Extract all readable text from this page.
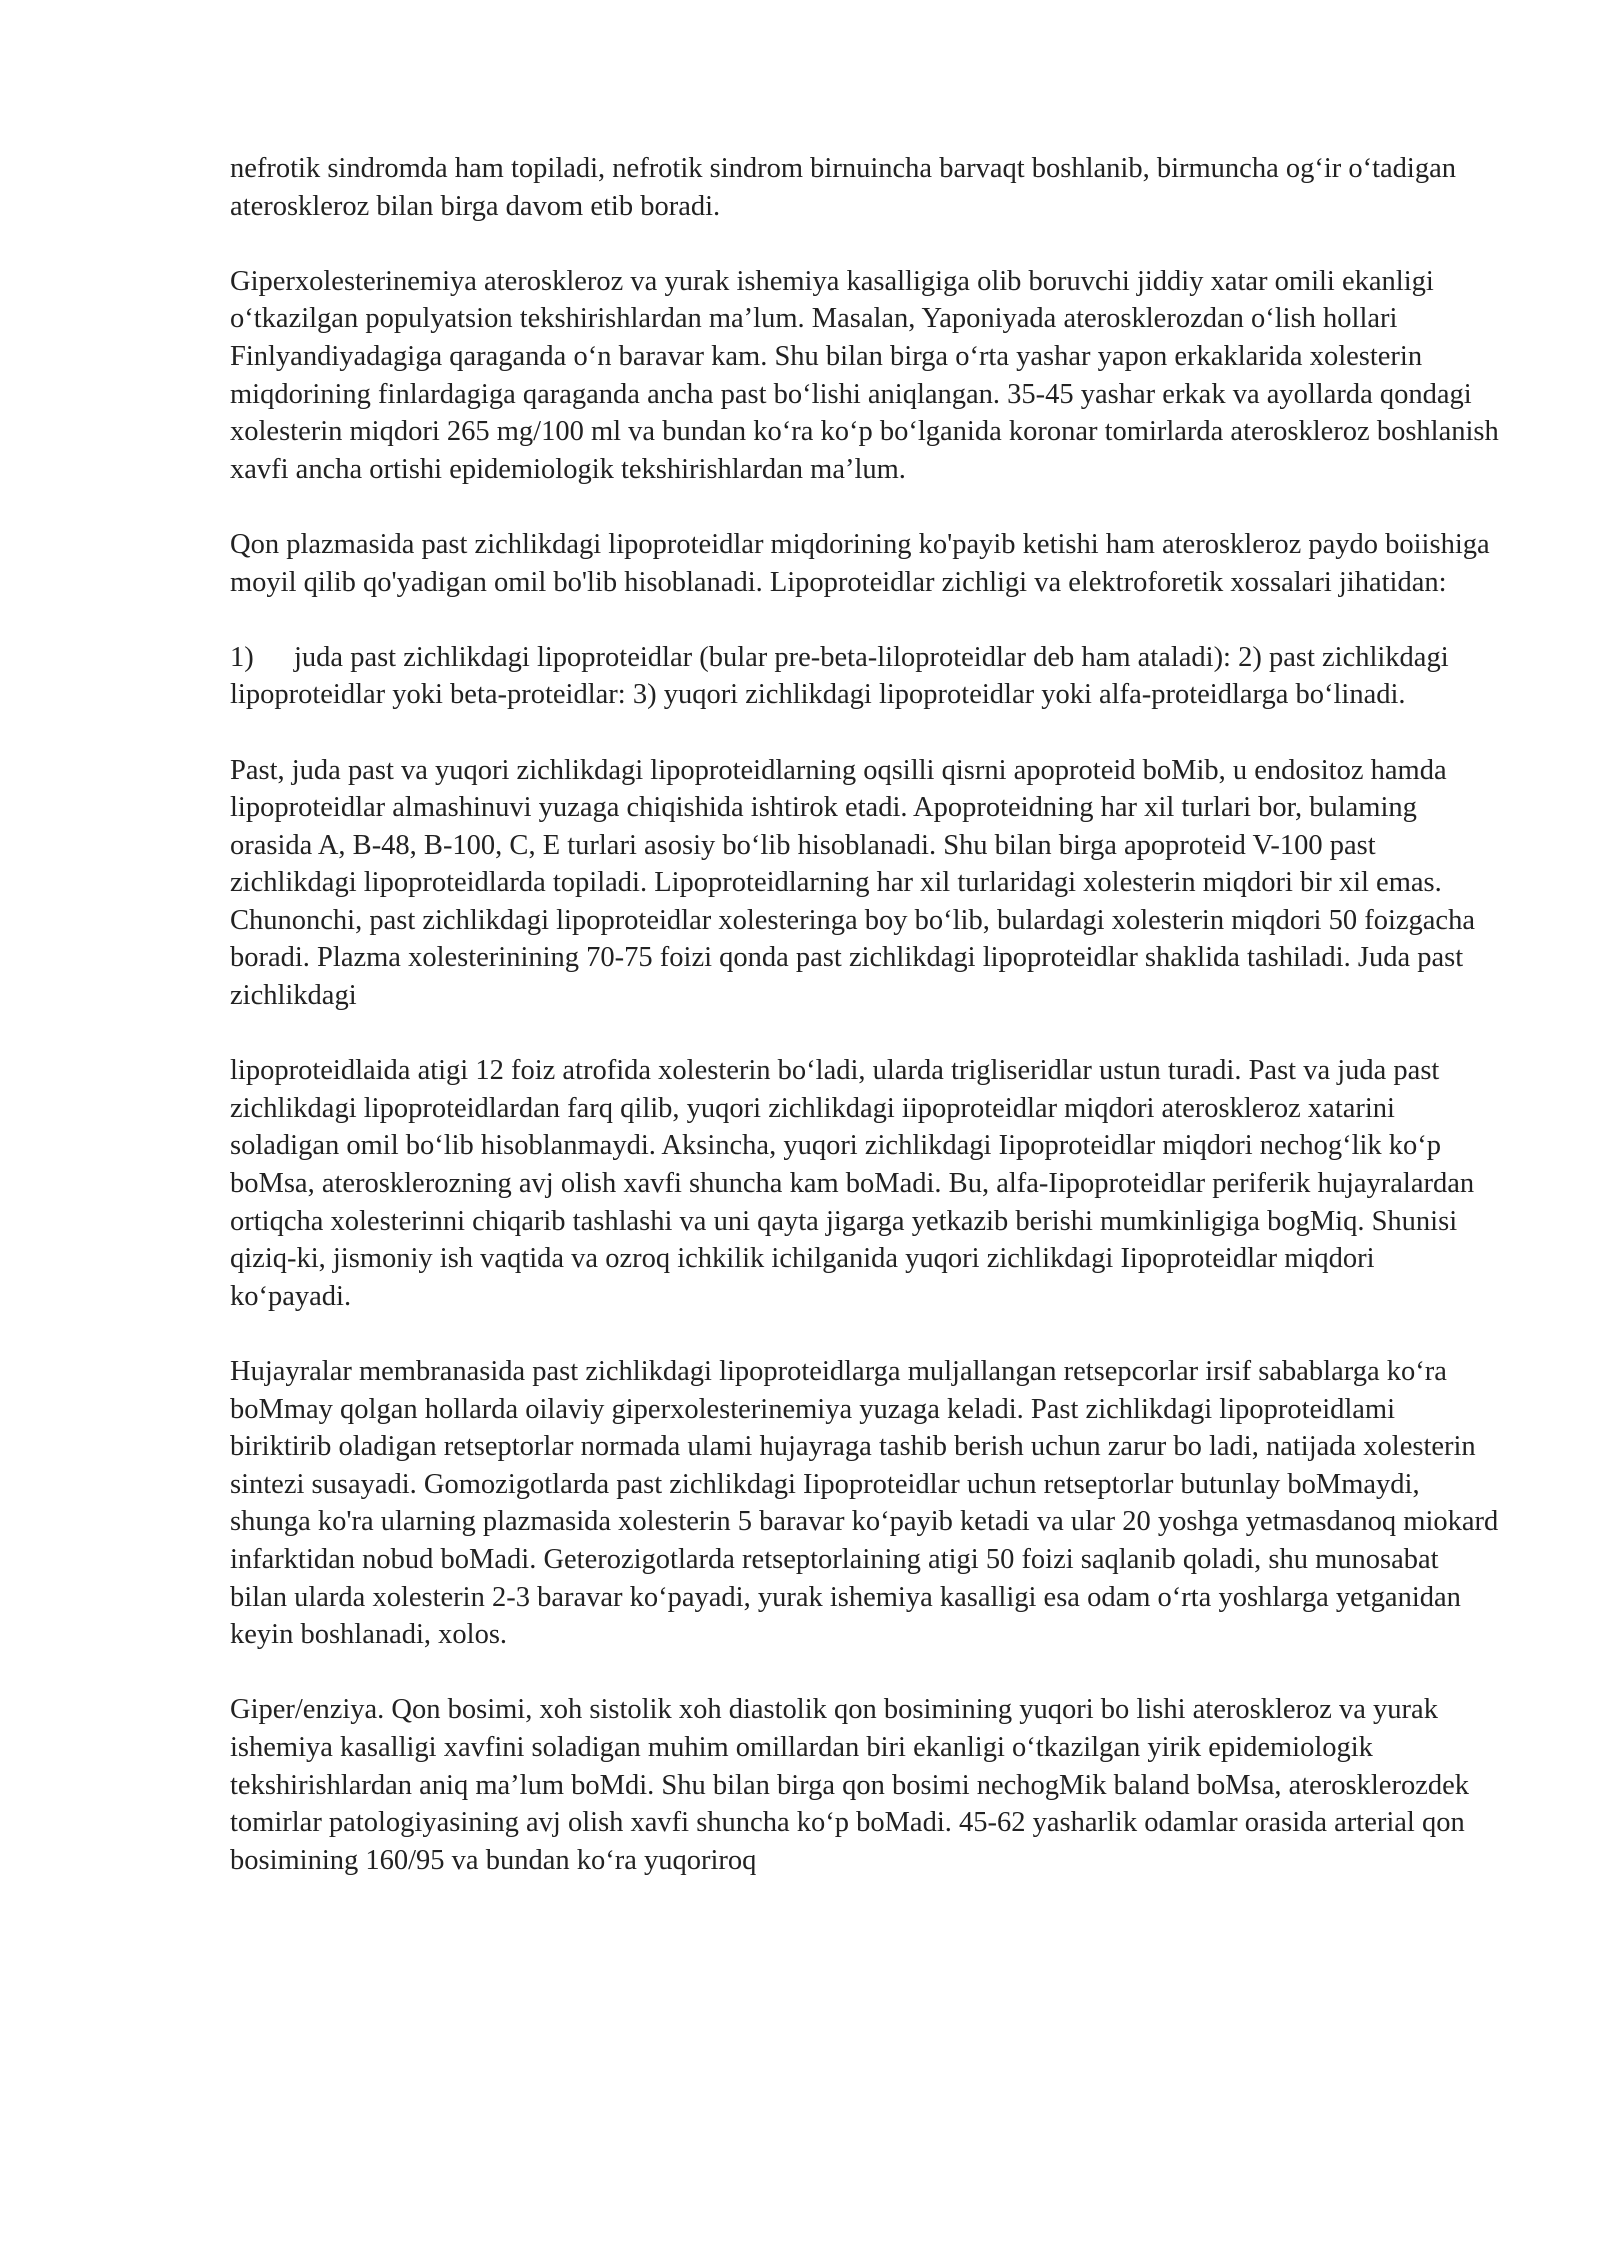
nefrotik sindromda ham topiladi, nefrotik sindrom birnuincha barvaqt boshlanib, birmuncha og‘ir o‘tadigan ateroskleroz bilan birga davom etib boradi.

Giperxolesterinemiya ateroskleroz va yurak ishemiya kasalligiga olib boruvchi jiddiy xatar omili ekanligi o‘tkazilgan populyatsion tekshirishlardan ma’lum. Masalan, Yaponiyada aterosklerozdan o‘lish hollari Finlyandiyadagiga qaraganda o‘n baravar kam. Shu bilan birga o‘rta yashar yapon erkaklarida xolesterin miqdorining finlardagiga qaraganda ancha past bo‘lishi aniqlangan. 35-45 yashar erkak va ayollarda qondagi xolesterin miqdori 265 mg/100 ml va bundan ko‘ra ko‘p bo‘lganida koronar tomirlarda ateroskleroz boshlanish xavfi ancha ortishi epidemiologik tekshirishlardan ma’lum.

Qon plazmasida past zichlikdagi lipoproteidlar miqdorining ko'payib ketishi ham ateroskleroz paydo boiishiga moyil qilib qo'yadigan omil bo'lib hisoblanadi. Lipoproteidlar zichligi va elektroforetik xossalari jihatidan:

1) juda past zichlikdagi lipoproteidlar (bular pre-beta-liloproteidlar deb ham ataladi): 2) past zichlikdagi lipoproteidlar yoki beta-proteidlar: 3) yuqori zichlikdagi lipoproteidlar yoki alfa-proteidlarga bo‘linadi.

Past, juda past va yuqori zichlikdagi lipoproteidlarning oqsilli qisrni apoproteid boMib, u endositoz hamda lipoproteidlar almashinuvi yuzaga chiqishida ishtirok etadi. Apoproteidning har xil turlari bor, bulaming orasida A, B-48, B-100, C, E turlari asosiy bo‘lib hisoblanadi. Shu bilan birga apoproteid V-100 past zichlikdagi lipoproteidlarda topiladi. Lipoproteidlarning har xil turlaridagi xolesterin miqdori bir xil emas. Chunonchi, past zichlikdagi lipoproteidlar xolesteringa boy bo‘lib, bulardagi xolesterin miqdori 50 foizgacha boradi. Plazma xolesterinining 70-75 foizi qonda past zichlikdagi lipoproteidlar shaklida tashiladi. Juda past zichlikdagi

lipoproteidlaida atigi 12 foiz atrofida xolesterin bo‘ladi, ularda trigliseridlar ustun turadi. Past va juda past zichlikdagi lipoproteidlardan farq qilib, yuqori zichlikdagi iipoproteidlar miqdori ateroskleroz xatarini soladigan omil bo‘lib hisoblanmaydi. Aksincha, yuqori zichlikdagi Iipoproteidlar miqdori nechog‘lik ko‘p boMsa, aterosklerozning avj olish xavfi shuncha kam boMadi. Bu, alfa-Iipoproteidlar periferik hujayralardan ortiqcha xolesterinni chiqarib tashlashi va uni qayta jigarga yetkazib berishi mumkinligiga bogMiq. Shunisi qiziq-ki, jismoniy ish vaqtida va ozroq ichkilik ichilganida yuqori zichlikdagi Iipoproteidlar miqdori ko‘payadi.

Hujayralar membranasida past zichlikdagi lipoproteidlarga muljallangan retsepcorlar irsif sabablarga ko‘ra boMmay qolgan hollarda oilaviy giperxolesterinemiya yuzaga keladi. Past zichlikdagi lipoproteidlami biriktirib oladigan retseptorlar normada ulami hujayraga tashib berish uchun zarur bo ladi, natijada xolesterin sintezi susayadi. Gomozigotlarda past zichlikdagi Iipoproteidlar uchun retseptorlar butunlay boMmaydi, shunga ko'ra ularning plazmasida xolesterin 5 baravar ko‘payib ketadi va ular 20 yoshga yetmasdanoq miokard infarktidan nobud boMadi. Geterozigotlarda retseptorlaining atigi 50 foizi saqlanib qoladi, shu munosabat bilan ularda xolesterin 2-3 baravar ko‘payadi, yurak ishemiya kasalligi esa odam o‘rta yoshlarga yetganidan keyin boshlanadi, xolos.

Giper/enziya. Qon bosimi, xoh sistolik xoh diastolik qon bosimining yuqori bo lishi ateroskleroz va yurak ishemiya kasalligi xavfini soladigan muhim omillardan biri ekanligi o‘tkazilgan yirik epidemiologik tekshirishlardan aniq ma’lum boMdi. Shu bilan birga qon bosimi nechogMik baland boMsa, aterosklerozdek tomirlar patologiyasining avj olish xavfi shuncha ko‘p boMadi. 45-62 yasharlik odamlar orasida arterial qon bosimining 160/95 va bundan ko‘ra yuqoriroq
